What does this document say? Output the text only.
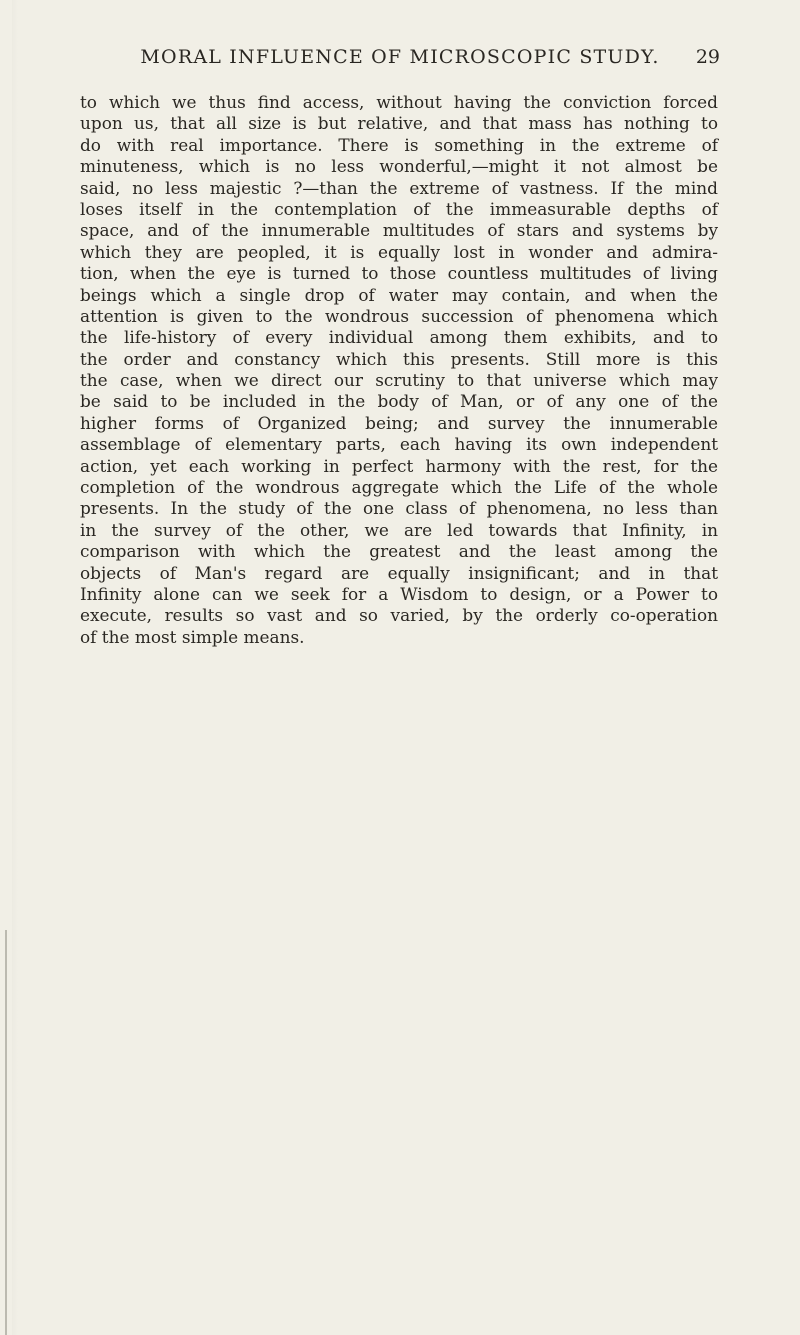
MORAL INFLUENCE OF MICROSCOPIC STUDY.	29
to which we thus find access, without having the conviction forced
upon us, that all size is but relative, and that mass has nothing to
do with real importance. There is something in the extreme of
minuteness, which is no less wonderful,—might it not almost be
said, no less majestic ?—than the extreme of vastness. If the mind
loses itself in the contemplation of the immeasurable depths of
space, and of the innumerable multitudes of stars and systems by
which they are peopled, it is equally lost in wonder and admira-
tion, when the eye is turned to those countless multitudes of living
beings which a single drop of water may contain, and when the
attention is given to the wondrous succession of phenomena which
the life-history of every individual among them exhibits, and to
the order and constancy which this presents. Still more is this
the case, when we direct our scrutiny to that universe which may
be said to be included in the body of Man, or of any one of the
higher forms of Organized being; and survey the innumerable
assemblage of elementary parts, each having its own independent
action, yet each working in perfect harmony with the rest, for the
completion of the wondrous aggregate which the Life of the whole
presents. In the study of the one class of phenomena, no less than
in the survey of the other, we are led towards that Infinity, in
comparison with which the greatest and the least among the
objects of Man's regard are equally insignificant; and in that
Infinity alone can we seek for a Wisdom to design, or a Power to
execute, results so vast and so varied, by the orderly co-operation
of the most simple means.
